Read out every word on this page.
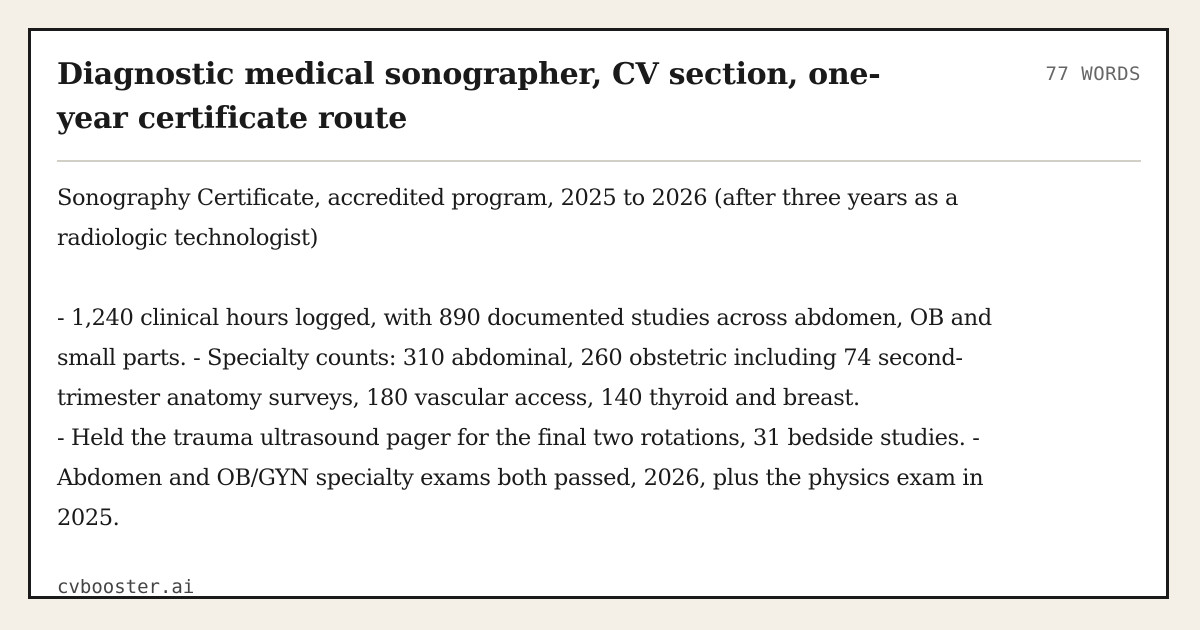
Diagnostic medical sonographer, CV section, one-year certificate route
77 WORDS

Sonography Certificate, accredited program, 2025 to 2026 (after three years as a radiologic technologist)

- 1,240 clinical hours logged, with 890 documented studies across abdomen, OB and small parts. - Specialty counts: 310 abdominal, 260 obstetric including 74 second-trimester anatomy surveys, 180 vascular access, 140 thyroid and breast.
- Held the trauma ultrasound pager for the final two rotations, 31 bedside studies. - Abdomen and OB/GYN specialty exams both passed, 2026, plus the physics exam in 2025.

cvbooster.ai
